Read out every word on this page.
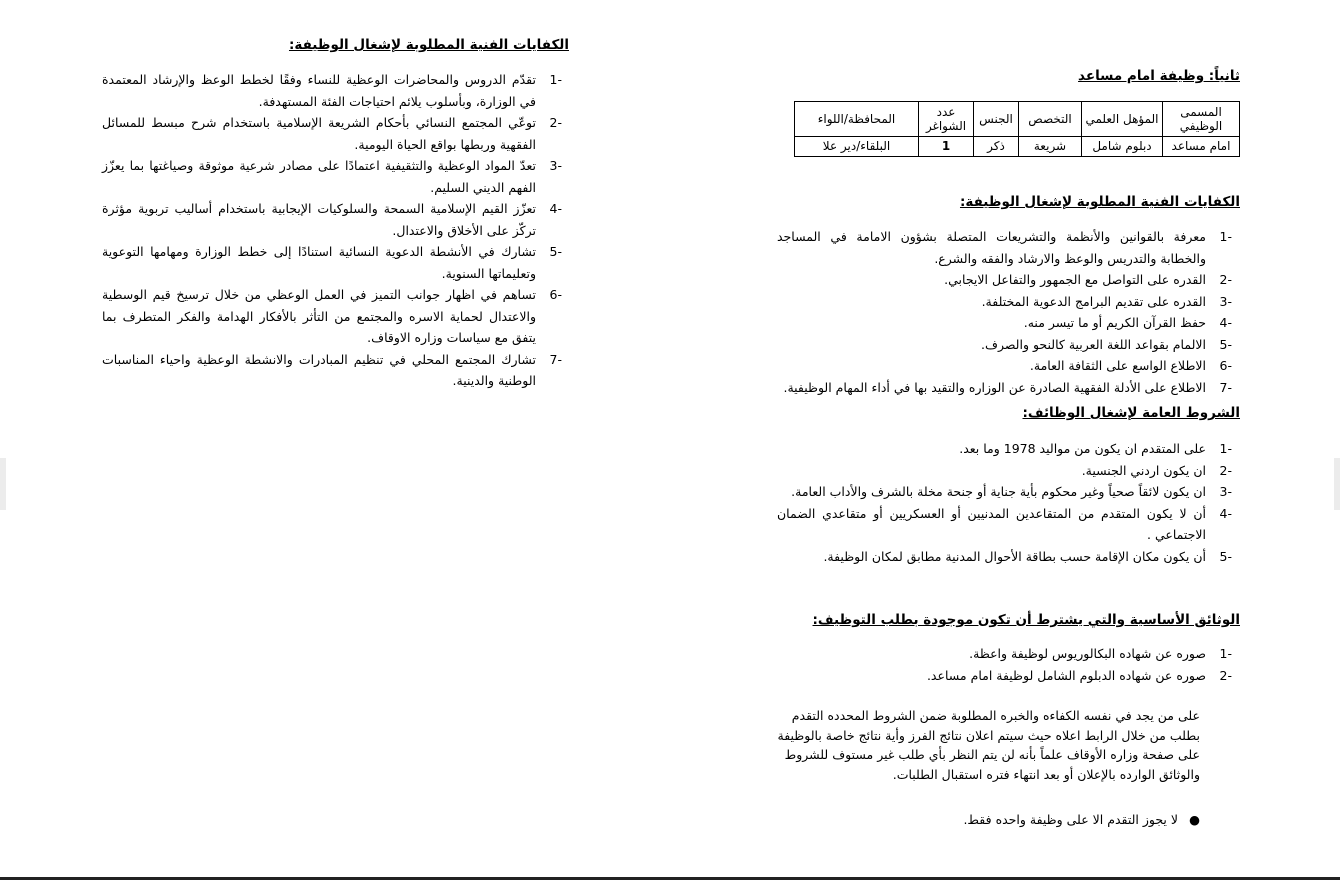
الكفايات الفنية المطلوبة لإشغال الوظيفة:
-1
تقدّم الدروس والمحاضرات الوعظية للنساء وفقًا لخطط الوعظ والإرشاد المعتمدة في الوزارة، وبأسلوب يلائم احتياجات الفئة المستهدفة.
-2
توعّي المجتمع النسائي بأحكام الشريعة الإسلامية باستخدام شرح مبسط للمسائل الفقهية وربطها بواقع الحياة اليومية.
-3
تعدّ المواد الوعظية والتثقيفية اعتمادًا على مصادر شرعية موثوقة وصياغتها بما يعزّز الفهم الديني السليم.
-4
تعزّز القيم الإسلامية السمحة والسلوكيات الإيجابية باستخدام أساليب تربوية مؤثرة تركّز على الأخلاق والاعتدال.
-5
تشارك في الأنشطة الدعوية النسائية استنادًا إلى خطط الوزارة ومهامها التوعوية وتعليماتها السنوية.
-6
تساهم في اظهار جوانب التميز في العمل الوعظي من خلال ترسيخ قيم الوسطية والاعتدال لحماية الاسره والمجتمع من التأثر بالأفكار الهدامة والفكر المتطرف بما يتفق مع سياسات وزاره الاوقاف.
-7
تشارك المجتمع المحلي في تنظيم المبادرات والانشطة الوعظية واحياء المناسبات الوطنية والدينية.
ثانياً: وظيفة امام مساعد
المسمى الوظيفي	المؤهل العلمي	التخصص	الجنس	عدد الشواغر	المحافظة/اللواء
امام مساعد	دبلوم شامل	شريعة	ذكر	1	البلقاء/دير علا
الكفايات الفنية المطلوبة لإشغال الوظيفة:
-1
معرفة بالقوانين والأنظمة والتشريعات المتصلة بشؤون الامامة في المساجد والخطابة والتدريس والوعظ والارشاد والفقه والشرع.
-2
القدره على التواصل مع الجمهور والتفاعل الايجابي.
-3
القدره على تقديم البرامج الدعوية المختلفة.
-4
حفظ القرآن الكريم أو ما تيسر منه.
-5
الالمام بقواعد اللغة العربية كالنحو والصرف.
-6
الاطلاع الواسع على الثقافة العامة.
-7
الاطلاع على الأدلة الفقهية الصادرة عن الوزاره والتقيد بها في أداء المهام الوظيفية.
الشروط العامة لإشغال الوظائف:
-1
على المتقدم ان يكون من مواليد 1978 وما بعد.
-2
ان يكون اردني الجنسية.
-3
ان يكون لائقاً صحياً وغير محكوم بأية جناية أو جنحة مخلة بالشرف والأداب العامة.
-4
أن لا يكون المتقدم من المتقاعدين المدنيين أو العسكريين أو متقاعدي الضمان الاجتماعي .
-5
أن يكون مكان الإقامة حسب بطاقة الأحوال المدنية مطابق لمكان الوظيفة.
الوثائق الأساسية والتي يشترط أن تكون موجودة بطلب التوظيف:
-1
صوره عن شهاده البكالوريوس لوظيفة واعظة.
-2
صوره عن شهاده الدبلوم الشامل لوظيفة امام مساعد.

على من يجد في نفسه الكفاءه والخبره المطلوبة ضمن الشروط المحدده التقدم بطلب من خلال الرابط اعلاه حيث سيتم اعلان نتائج الفرز وأية نتائج خاصة بالوظيفة على صفحة وزاره الأوقاف علماً بأنه لن يتم النظر بأي طلب غير مستوف للشروط والوثائق الوارده بالإعلان أو بعد انتهاء فتره استقبال الطلبات.

●لا يجوز التقدم الا على وظيفة واحده فقط.
